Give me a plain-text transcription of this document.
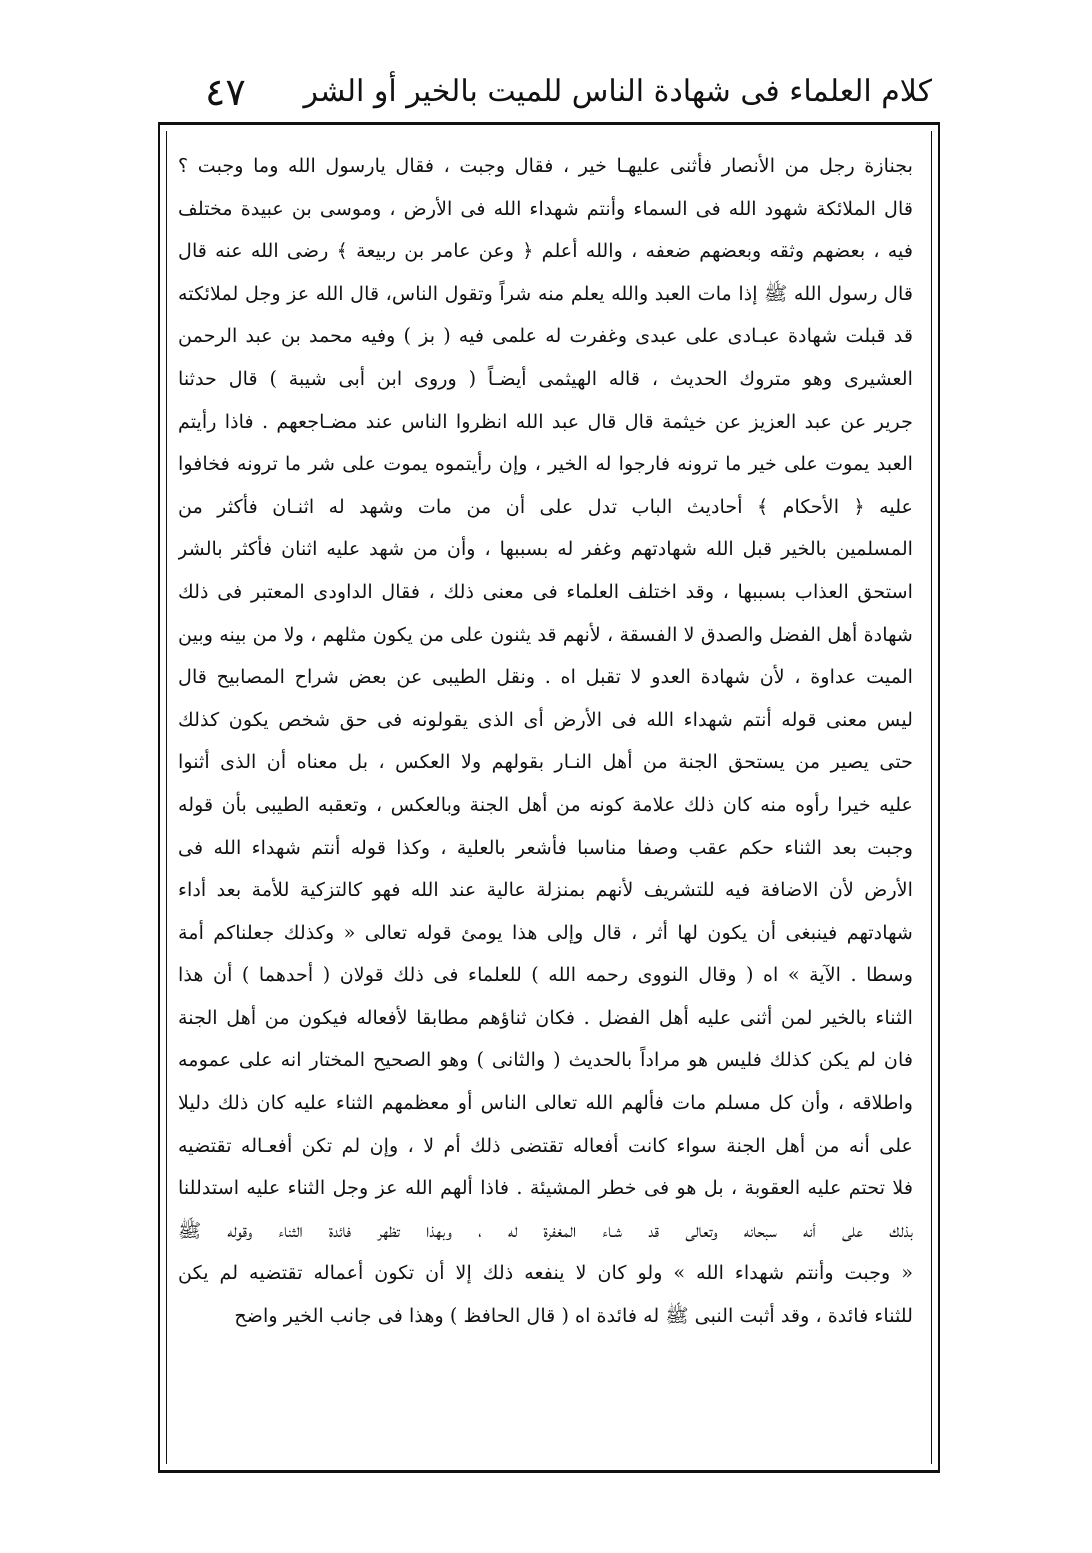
٤٧ كلام العلماء فى شهادة الناس للميت بالخير أو الشر
بجنازة رجل من الأنصار فأثنى عليهـا خير ، فقال وجبت ، فقال يارسول الله وما وجبت ؟
قال الملائكة شهود الله فى السماء وأنتم شهداء الله فى الأرض ، وموسى بن عبيدة مختلف
فيه ، بعضهم وثقه وبعضهم ضعفه ، والله أعلم ﴿ وعن عامر بن ربيعة ﴾ رضى الله عنه قال
قال رسول الله ﷺ إذا مات العبد والله يعلم منه شراً وتقول الناس، قال الله عز وجل لملائكته
قد قبلت شهادة عبـادى على عبدى وغفرت له علمى فيه ( بز ) وفيه محمد بن عبد الرحمن
العشيرى وهو متروك الحديث ، قاله الهيثمى أيضـاً ( وروى ابن أبى شيبة ) قال حدثنا
جرير عن عبد العزيز عن خيثمة قال قال عبد الله انظروا الناس عند مضـاجعهم . فاذا رأيتم
العبد يموت على خير ما ترونه فارجوا له الخير ، وإن رأيتموه يموت على شر ما ترونه فخافوا
عليه ﴿ الأحكام ﴾ أحاديث الباب تدل على أن من مات وشهد له اثنـان فأكثر من
المسلمين بالخير قبل الله شهادتهم وغفر له بسببها ، وأن من شهد عليه اثنان فأكثر بالشر
استحق العذاب بسببها ، وقد اختلف العلماء فى معنى ذلك ، فقال الداودى المعتبر فى ذلك
شهادة أهل الفضل والصدق لا الفسقة ، لأنهم قد يثنون على من يكون مثلهم ، ولا من بينه وبين
الميت عداوة ، لأن شهادة العدو لا تقبل اه . ونقل الطيبى عن بعض شراح المصابيح قال
ليس معنى قوله أنتم شهداء الله فى الأرض أى الذى يقولونه فى حق شخص يكون كذلك
حتى يصير من يستحق الجنة من أهل النـار بقولهم ولا العكس ، بل معناه أن الذى أثنوا
عليه خيرا رأوه منه كان ذلك علامة كونه من أهل الجنة وبالعكس ، وتعقبه الطيبى بأن قوله
وجبت بعد الثناء حكم عقب وصفا مناسبا فأشعر بالعلية ، وكذا قوله أنتم شهداء الله فى
الأرض لأن الاضافة فيه للتشريف لأنهم بمنزلة عالية عند الله فهو كالتزكية للأمة بعد أداء
شهادتهم فينبغى أن يكون لها أثر ، قال وإلى هذا يومئ قوله تعالى « وكذلك جعلناكم أمة
وسطا . الآية » اه ( وقال النووى رحمه الله ) للعلماء فى ذلك قولان ( أحدهما ) أن هذا
الثناء بالخير لمن أثنى عليه أهل الفضل . فكان ثناؤهم مطابقا لأفعاله فيكون من أهل الجنة
فان لم يكن كذلك فليس هو مراداً بالحديث ( والثانى ) وهو الصحيح المختار انه على عمومه
واطلاقه ، وأن كل مسلم مات فألهم الله تعالى الناس أو معظمهم الثناء عليه كان ذلك دليلا
على أنه من أهل الجنة سواء كانت أفعاله تقتضى ذلك أم لا ، وإن لم تكن أفعـاله تقتضيه
فلا تحتم عليه العقوبة ، بل هو فى خطر المشيئة . فاذا ألهم الله عز وجل الثناء عليه استدللنا
بذلك على أنه سبحانه وتعالى قد شـاء المغفرة له ، وبهذا تظهر فائدة الثناء وقوله ﷺ
« وجبت وأنتم شهداء الله » ولو كان لا ينفعه ذلك إلا أن تكون أعماله تقتضيه لم يكن
للثناء فائدة ، وقد أثبت النبى ﷺ له فائدة اه ( قال الحافظ ) وهذا فى جانب الخير واضح
